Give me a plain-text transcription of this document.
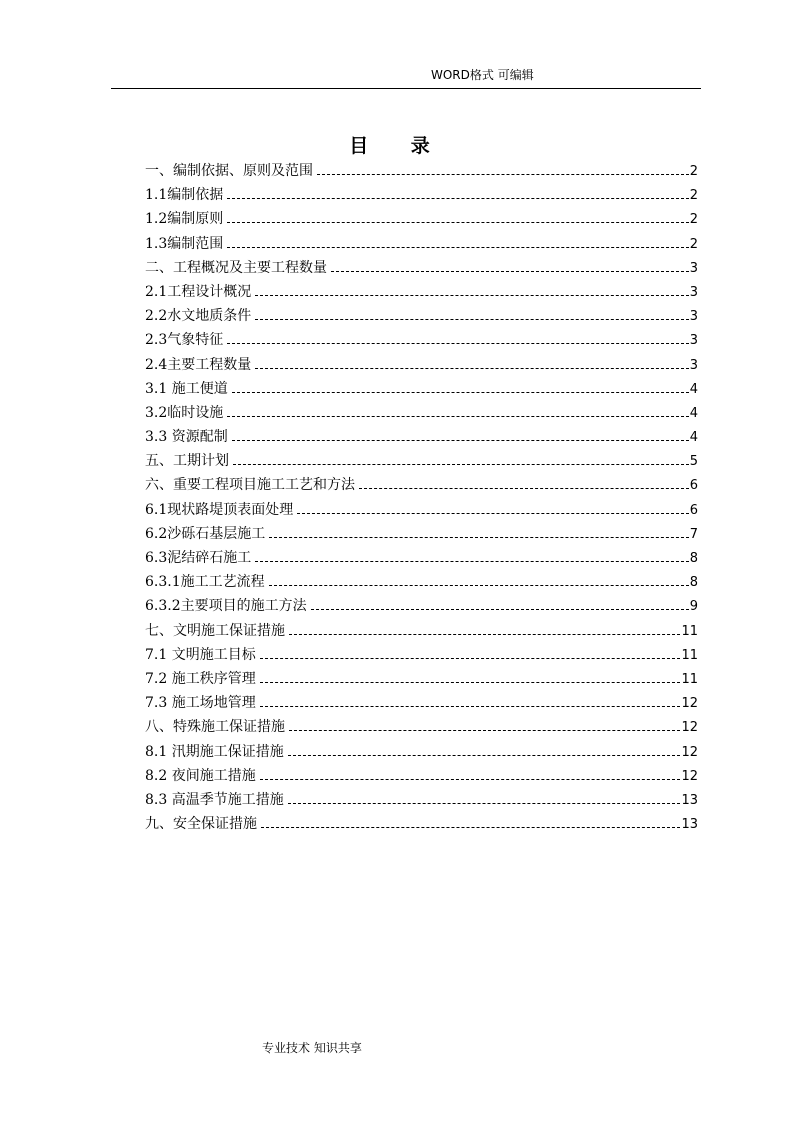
WORD格式 可编辑
目 录
一、编制依据、原则及范围	2
1.1编制依据	2
1.2编制原则	2
1.3编制范围	2
二、工程概况及主要工程数量	3
2.1工程设计概况	3
2.2水文地质条件	3
2.3气象特征	3
2.4主要工程数量	3
3.1 施工便道	4
3.2临时设施	4
3.3 资源配制	4
五、工期计划	5
六、重要工程项目施工工艺和方法	6
6.1现状路堤顶表面处理	6
6.2沙砾石基层施工	7
6.3泥结碎石施工	8
6.3.1施工工艺流程	8
6.3.2主要项目的施工方法	9
七、文明施工保证措施	11
7.1 文明施工目标	11
7.2 施工秩序管理	11
7.3 施工场地管理	12
八、特殊施工保证措施	12
8.1 汛期施工保证措施	12
8.2 夜间施工措施	12
8.3 高温季节施工措施	13
九、安全保证措施	13
专业技术 知识共享
